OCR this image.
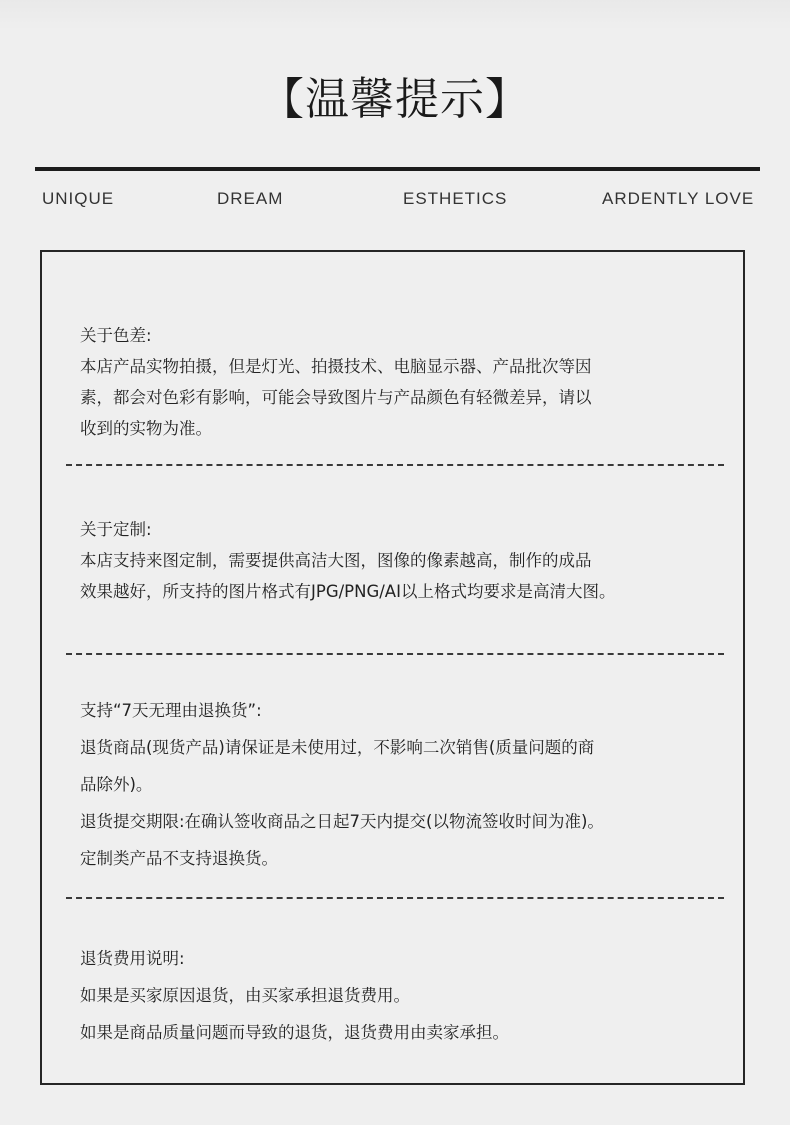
【温馨提示】
UNIQUE	DREAM	ESTHETICS	ARDENTLY LOVE

关于色差:

本店产品实物拍摄，但是灯光、拍摄技术、电脑显示器、产品批次等因

素，都会对色彩有影响，可能会导致图片与产品颜色有轻微差异，请以

收到的实物为准。

关于定制:

本店支持来图定制，需要提供高洁大图，图像的像素越高，制作的成品

效果越好，所支持的图片格式有JPG/PNG/AI以上格式均要求是高清大图。

支持“7天无理由退换货”:

退货商品(现货产品)请保证是未使用过，不影响二次销售(质量问题的商

品除外)。

退货提交期限:在确认签收商品之日起7天内提交(以物流签收时间为准)。

定制类产品不支持退换货。

退货费用说明:

如果是买家原因退货，由买家承担退货费用。

如果是商品质量问题而导致的退货，退货费用由卖家承担。
